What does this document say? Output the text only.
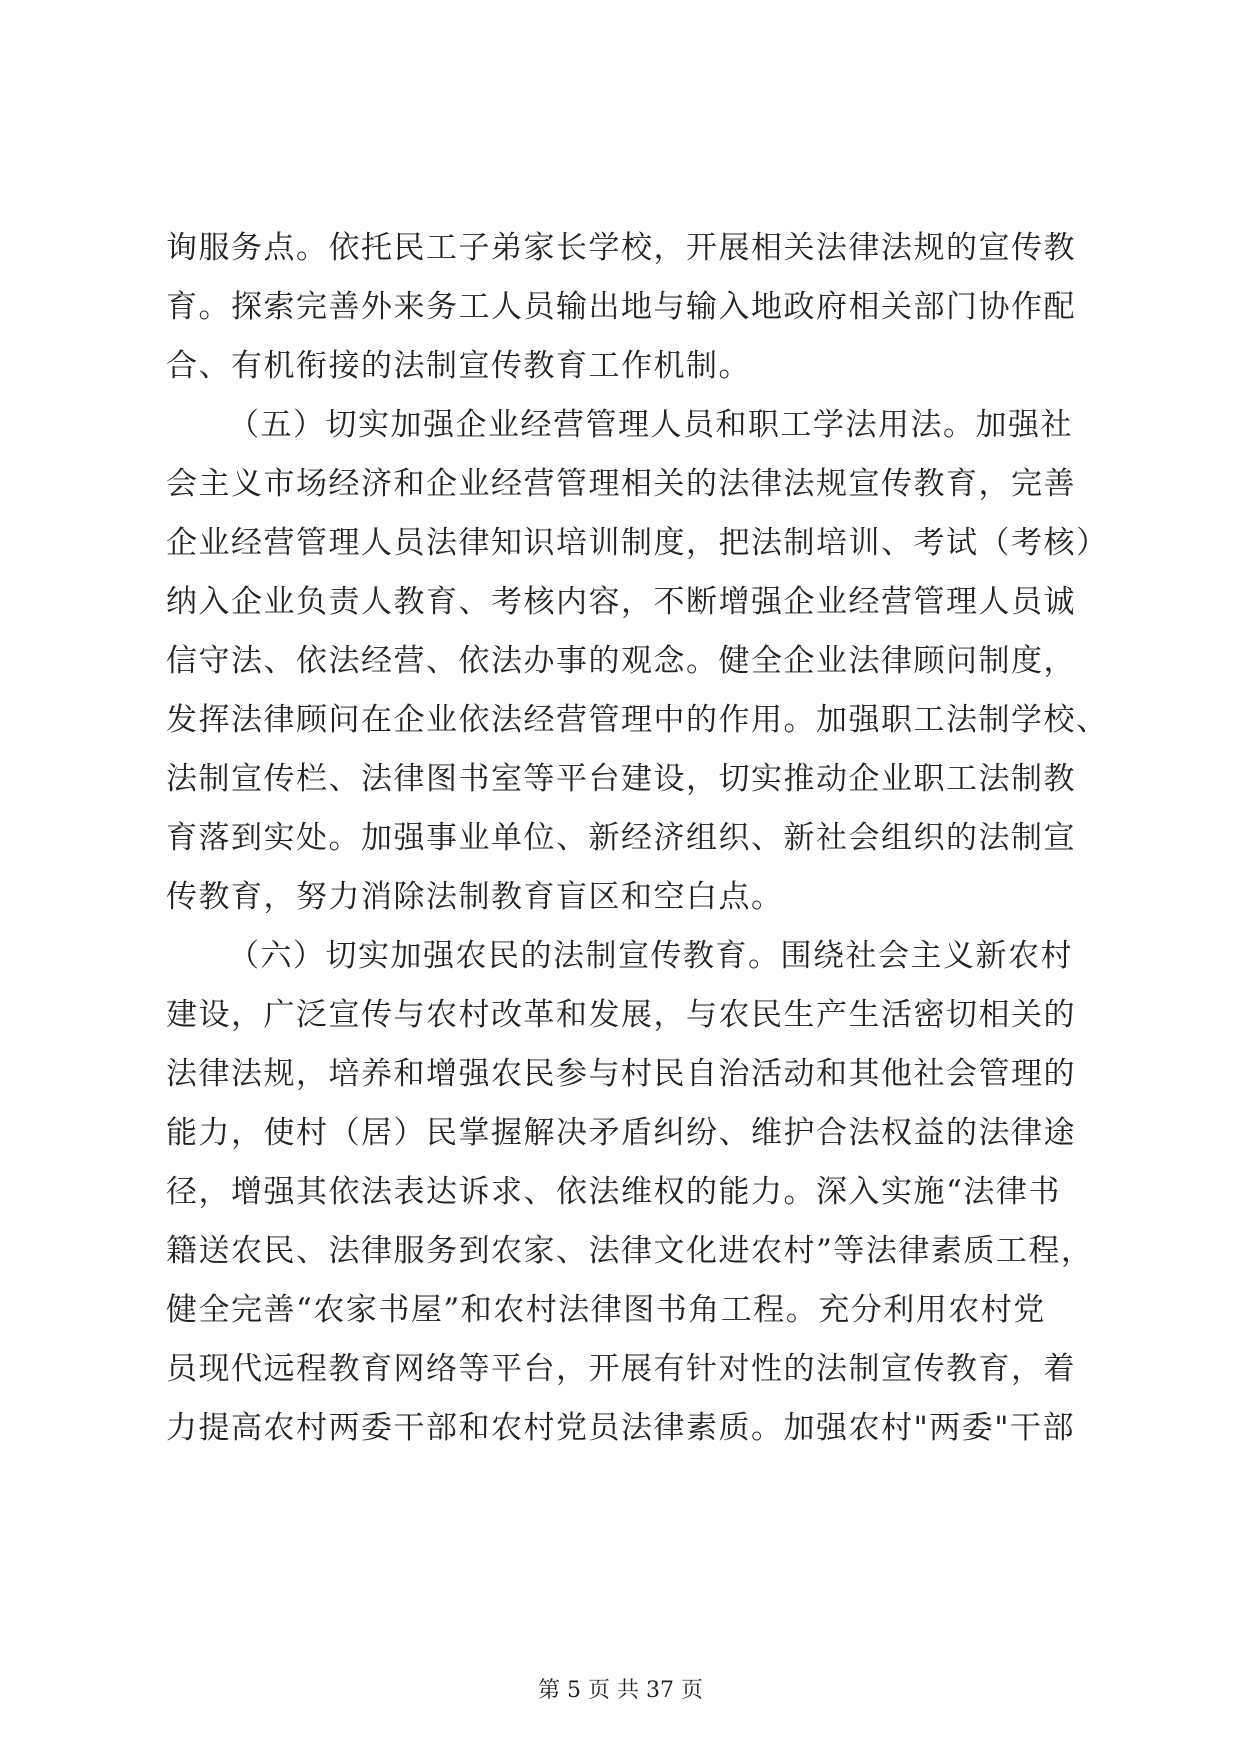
询服务点。依托民工子弟家长学校，开展相关法律法规的宣传教
育。探索完善外来务工人员输出地与输入地政府相关部门协作配
合、有机衔接的法制宣传教育工作机制。
（五）切实加强企业经营管理人员和职工学法用法。加强社
会主义市场经济和企业经营管理相关的法律法规宣传教育，完善
企业经营管理人员法律知识培训制度，把法制培训、考试（考核）
纳入企业负责人教育、考核内容，不断增强企业经营管理人员诚
信守法、依法经营、依法办事的观念。健全企业法律顾问制度，
发挥法律顾问在企业依法经营管理中的作用。加强职工法制学校、
法制宣传栏、法律图书室等平台建设，切实推动企业职工法制教
育落到实处。加强事业单位、新经济组织、新社会组织的法制宣
传教育，努力消除法制教育盲区和空白点。
（六）切实加强农民的法制宣传教育。围绕社会主义新农村
建设，广泛宣传与农村改革和发展，与农民生产生活密切相关的
法律法规，培养和增强农民参与村民自治活动和其他社会管理的
能力，使村（居）民掌握解决矛盾纠纷、维护合法权益的法律途
径，增强其依法表达诉求、依法维权的能力。深入实施“法律书
籍送农民、法律服务到农家、法律文化进农村”等法律素质工程，
健全完善“农家书屋”和农村法律图书角工程。充分利用农村党
员现代远程教育网络等平台，开展有针对性的法制宣传教育，着
力提高农村两委干部和农村党员法律素质。加强农村"两委"干部
第 5 页 共 37 页
